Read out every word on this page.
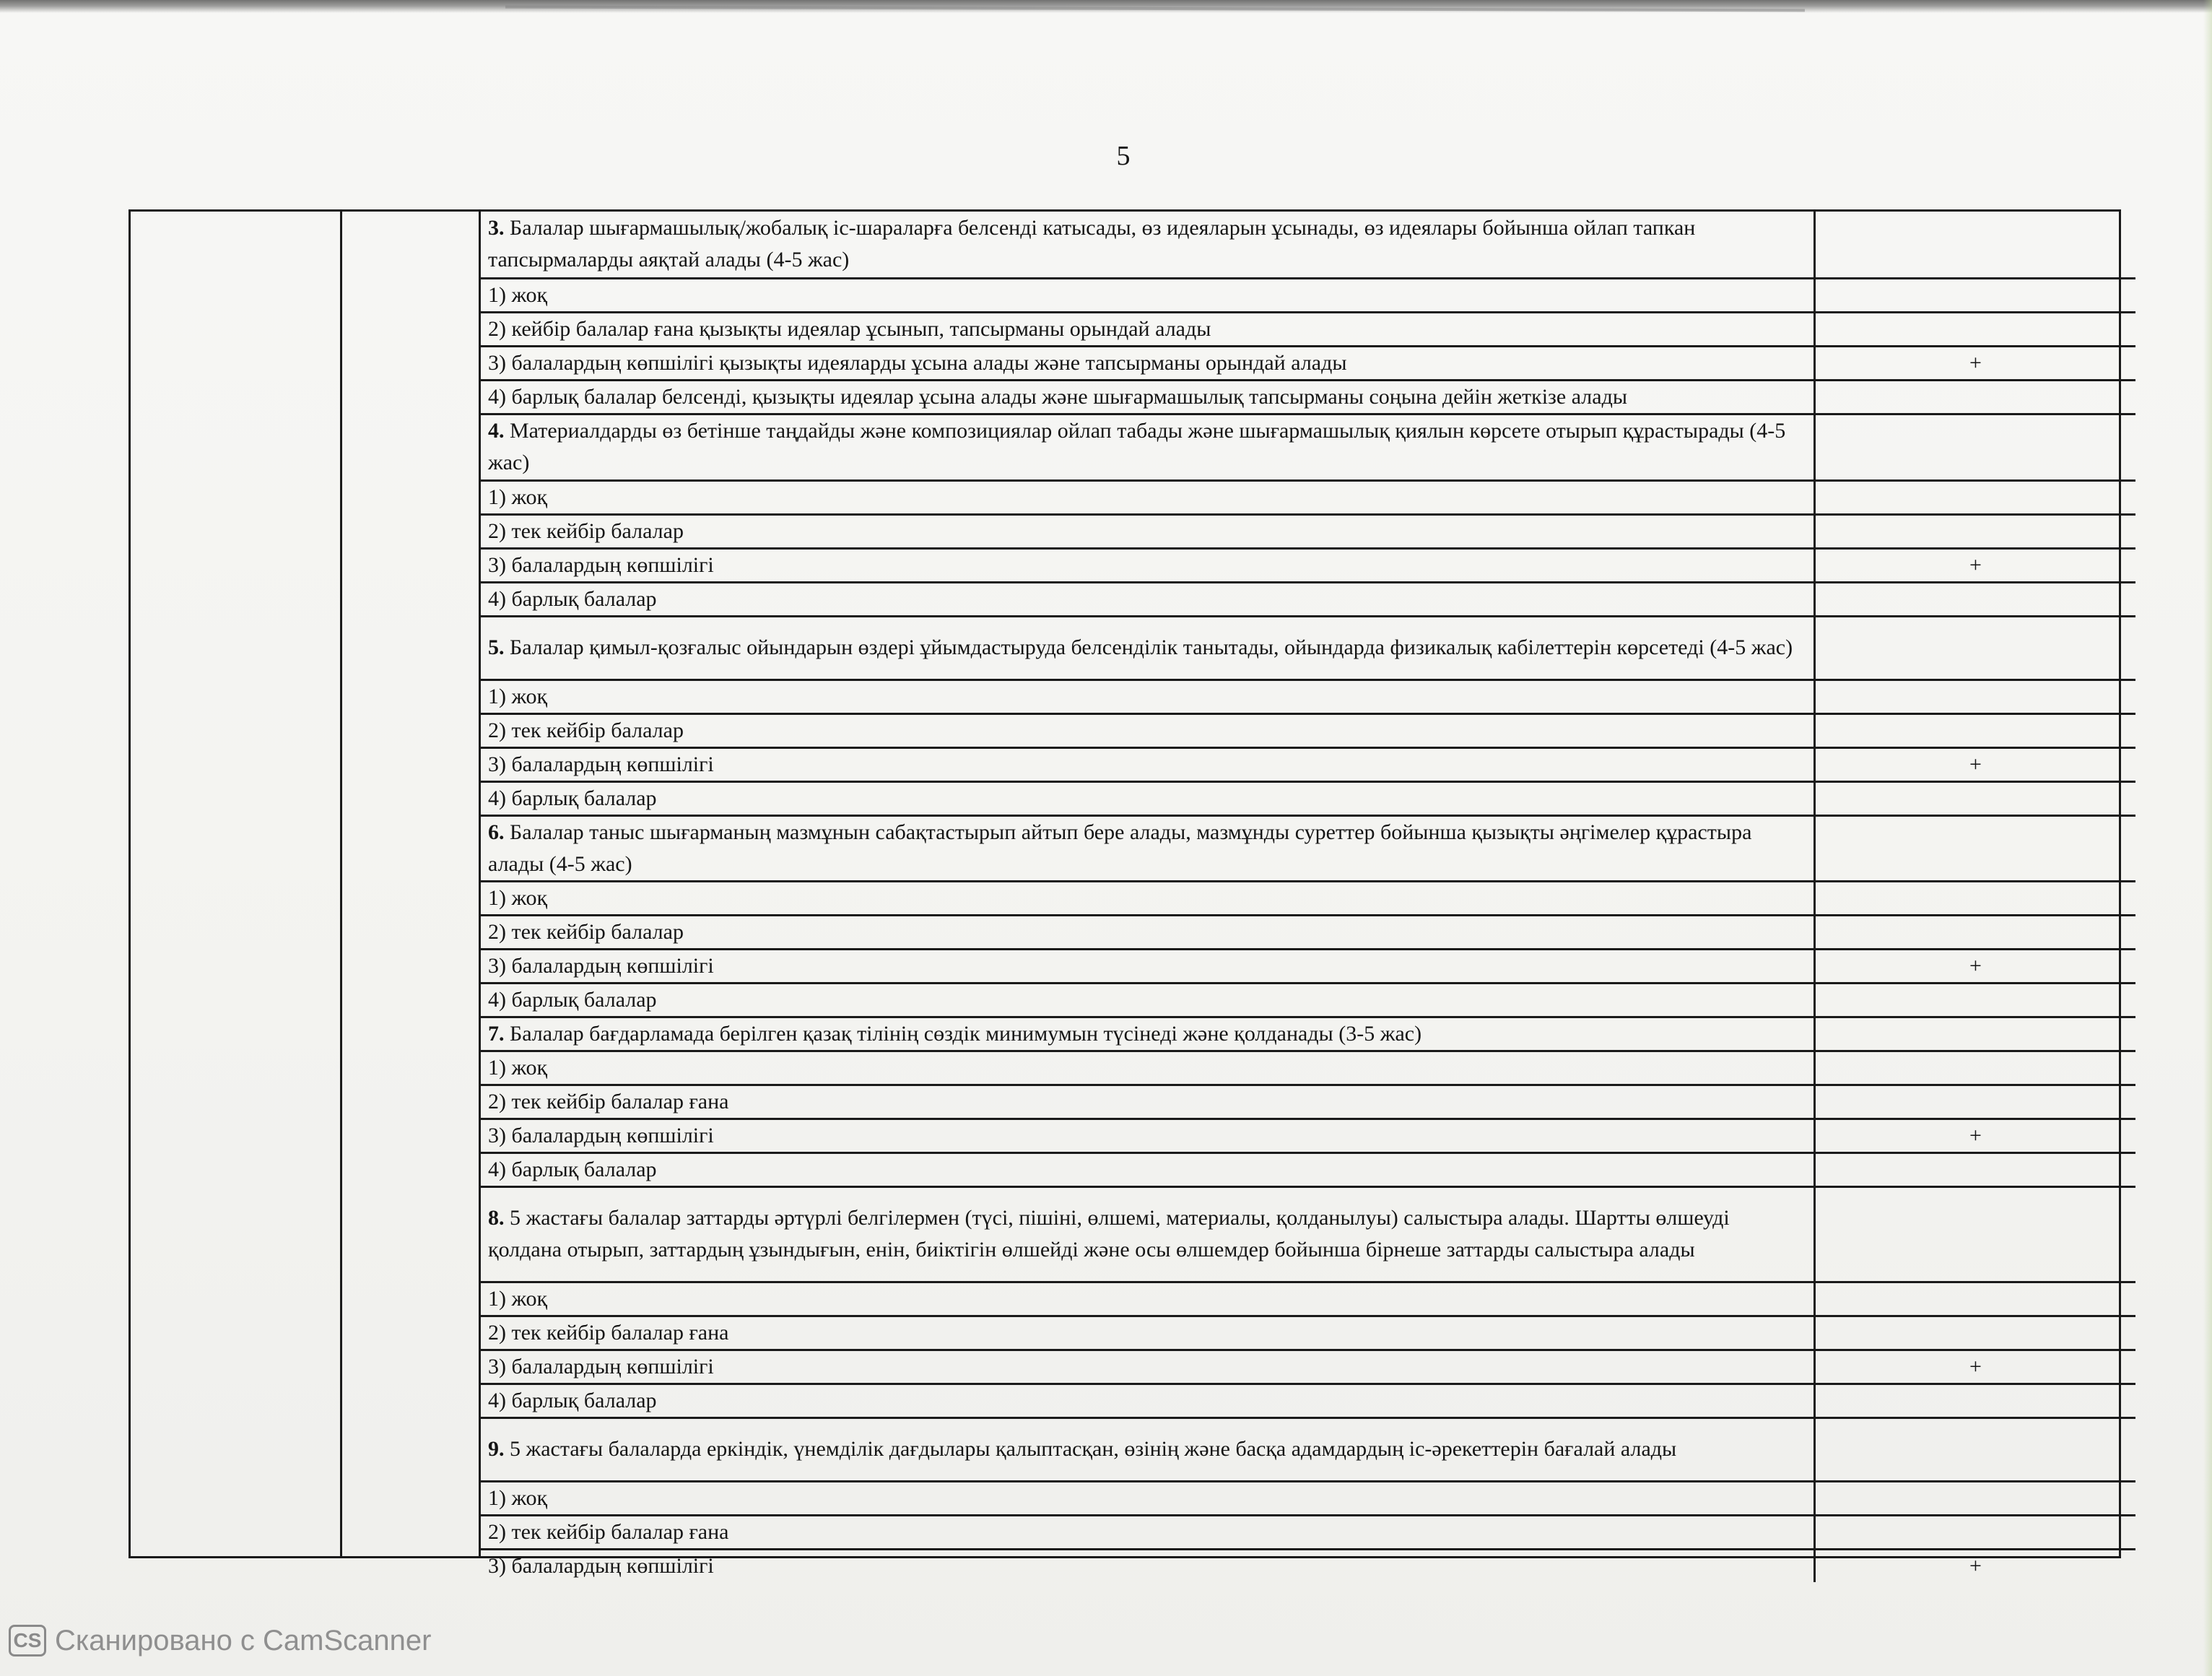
5
3. Балалар шығармашылық/жобалық іс-шараларға белсенді катысады, өз идеяларын ұсынады, өз идеялары бойынша ойлап тапкан тапсырмаларды аяқтай алады (4-5 жас)	
1) жоқ	
2) кейбір балалар ғана қызықты идеялар ұсынып, тапсырманы орындай алады	
3) балалардың көпшілігі қызықты идеяларды ұсына алады және тапсырманы орындай алады	+
4) барлық балалар белсенді, қызықты идеялар ұсына алады және шығармашылық тапсырманы соңына дейін жеткізе алады	
4. Материалдарды өз бетінше таңдайды және композициялар ойлап табады және шығармашылық қиялын көрсете отырып құрастырады (4-5 жас)	
1) жоқ	
2) тек кейбір балалар	
3) балалардың көпшілігі	+
4) барлық балалар	
5. Балалар қимыл-қозғалыс ойындарын өздері ұйымдастыруда белсенділік танытады, ойындарда физикалық кабілеттерін көрсетеді (4-5 жас)	
1) жоқ	
2) тек кейбір балалар	
3) балалардың көпшілігі	+
4) барлық балалар	
6. Балалар таныс шығарманың мазмұнын сабақтастырып айтып бере алады, мазмұнды суреттер бойынша қызықты әңгімелер құрастыра алады (4-5 жас)	
1) жоқ	
2) тек кейбір балалар	
3) балалардың көпшілігі	+
4) барлық балалар	
7. Балалар бағдарламада берілген қазақ тілінің сөздік минимумын түсінеді және қолданады (3-5 жас)	
1) жоқ	
2) тек кейбір балалар ғана	
3) балалардың көпшілігі	+
4) барлық балалар	
8. 5 жастағы балалар заттарды әртүрлі белгілермен (түсі, пішіні, өлшемі, материалы, қолданылуы) салыстыра алады. Шартты өлшеуді қолдана отырып, заттардың ұзындығын, енін, биіктігін өлшейді және осы өлшемдер бойынша бірнеше заттарды салыстыра алады	
1) жоқ	
2) тек кейбір балалар ғана	
3) балалардың көпшілігі	+
4) барлық балалар	
9. 5 жастағы балаларда еркіндік, үнемділік дағдылары қалыптасқан, өзінің және басқа адамдардың іс-әрекеттерін бағалай алады	
1) жоқ	
2) тек кейбір балалар ғана	
3) балалардың көпшілігі	+
CS Сканировано с CamScanner
